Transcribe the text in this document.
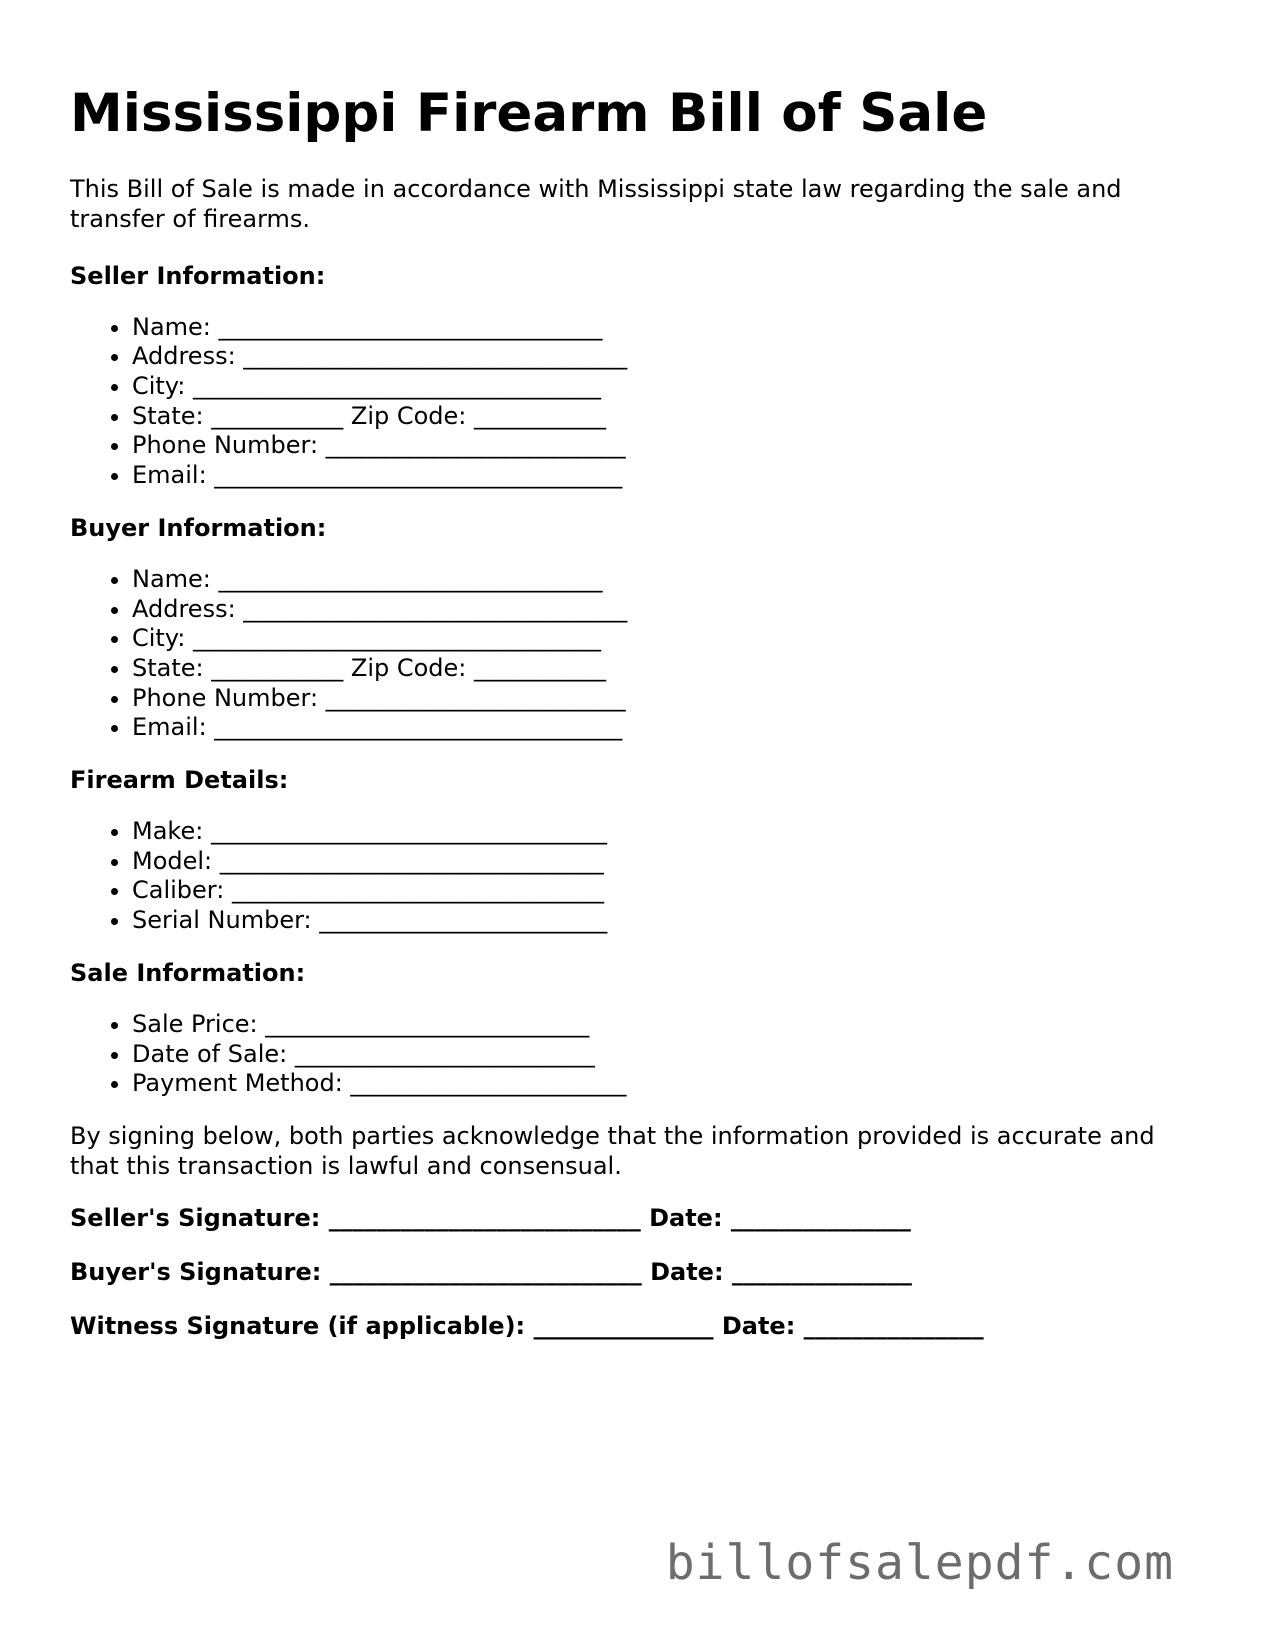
Mississippi Firearm Bill of Sale

This Bill of Sale is made in accordance with Mississippi state law regarding the sale and transfer of firearms.

Seller Information:
• Name: ________________________________
• Address: ________________________________
• City: __________________________________
• State: ___________ Zip Code: ___________
• Phone Number: _________________________
• Email: __________________________________
Buyer Information:
• Name: ________________________________
• Address: ________________________________
• City: __________________________________
• State: ___________ Zip Code: ___________
• Phone Number: _________________________
• Email: __________________________________
Firearm Details:
• Make: _________________________________
• Model: ________________________________
• Caliber: _______________________________
• Serial Number: ________________________
Sale Information:
• Sale Price: ___________________________
• Date of Sale: _________________________
• Payment Method: _______________________

By signing below, both parties acknowledge that the information provided is accurate and that this transaction is lawful and consensual.

Seller's Signature: __________________________ Date: _______________
Buyer's Signature: __________________________ Date: _______________
Witness Signature (if applicable): _______________ Date: _______________
billofsalepdf.com
